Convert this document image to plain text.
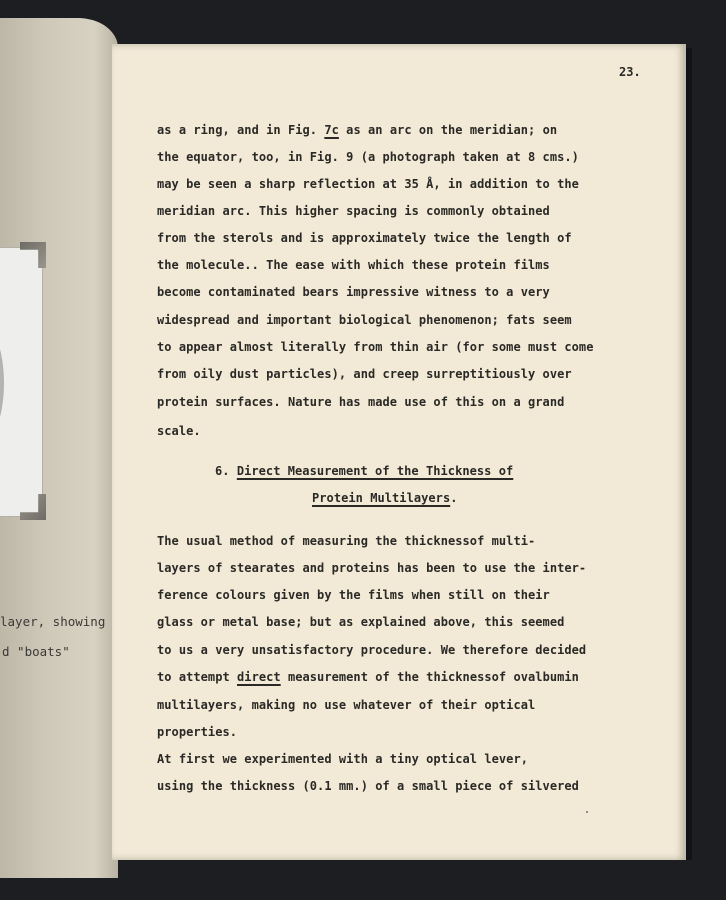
layer, showing
d "boats"
23.
as a ring, and in Fig. 7c as an arc on the meridian; on
the equator, too, in Fig. 9 (a photograph taken at 8 cms.)
may be seen a sharp reflection at 35 Å, in addition to the
meridian arc. This higher spacing is commonly obtained
from the sterols and is approximately twice the length of
the molecule.. The ease with which these protein films
become contaminated bears impressive witness to a very
widespread and important biological phenomenon; fats seem
to appear almost literally from thin air (for some must come
from oily dust particles), and creep surreptitiously over
protein surfaces. Nature has made use of this on a grand
scale.
6. Direct Measurement of the Thickness of
Protein Multilayers.
The usual method of measuring the thicknessof multi-
layers of stearates and proteins has been to use the inter-
ference colours given by the films when still on their
glass or metal base; but as explained above, this seemed
to us a very unsatisfactory procedure. We therefore decided
to attempt direct measurement of the thicknessof ovalbumin
multilayers, making no use whatever of their optical
properties.
At first we experimented with a tiny optical lever,
using the thickness (0.1 mm.) of a small piece of silvered
